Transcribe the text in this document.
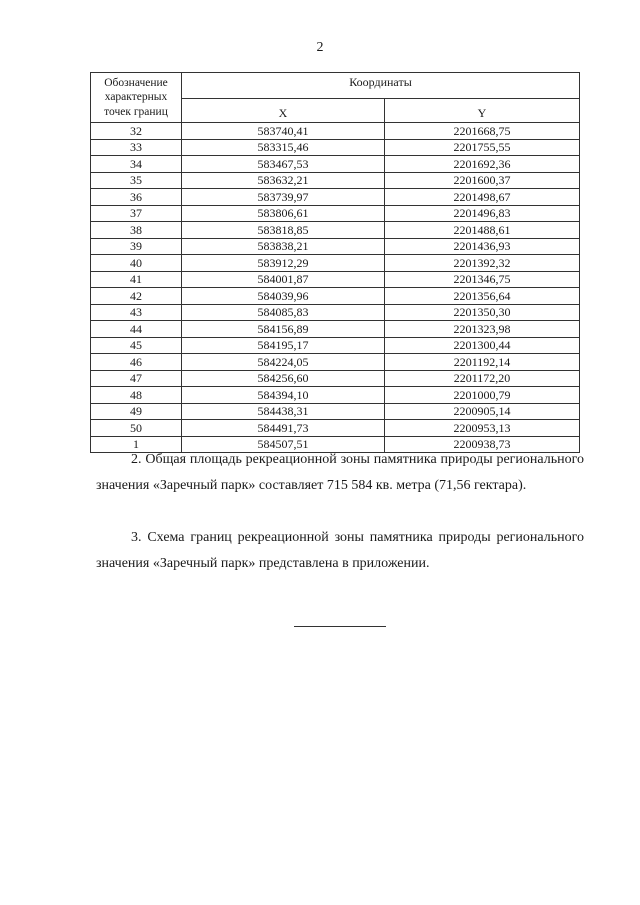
2
Обозначение характерных точек границ	Координаты	
	X	Y
32	583740,41	2201668,75
33	583315,46	2201755,55
34	583467,53	2201692,36
35	583632,21	2201600,37
36	583739,97	2201498,67
37	583806,61	2201496,83
38	583818,85	2201488,61
39	583838,21	2201436,93
40	583912,29	2201392,32
41	584001,87	2201346,75
42	584039,96	2201356,64
43	584085,83	2201350,30
44	584156,89	2201323,98
45	584195,17	2201300,44
46	584224,05	2201192,14
47	584256,60	2201172,20
48	584394,10	2201000,79
49	584438,31	2200905,14
50	584491,73	2200953,13
1	584507,51	2200938,73

2. Общая площадь рекреационной зоны памятника природы регионального значения «Заречный парк» составляет 715 584 кв. метра (71,56 гектара).

3. Схема границ рекреационной зоны памятника природы регионального значения «Заречный парк» представлена в приложении.
